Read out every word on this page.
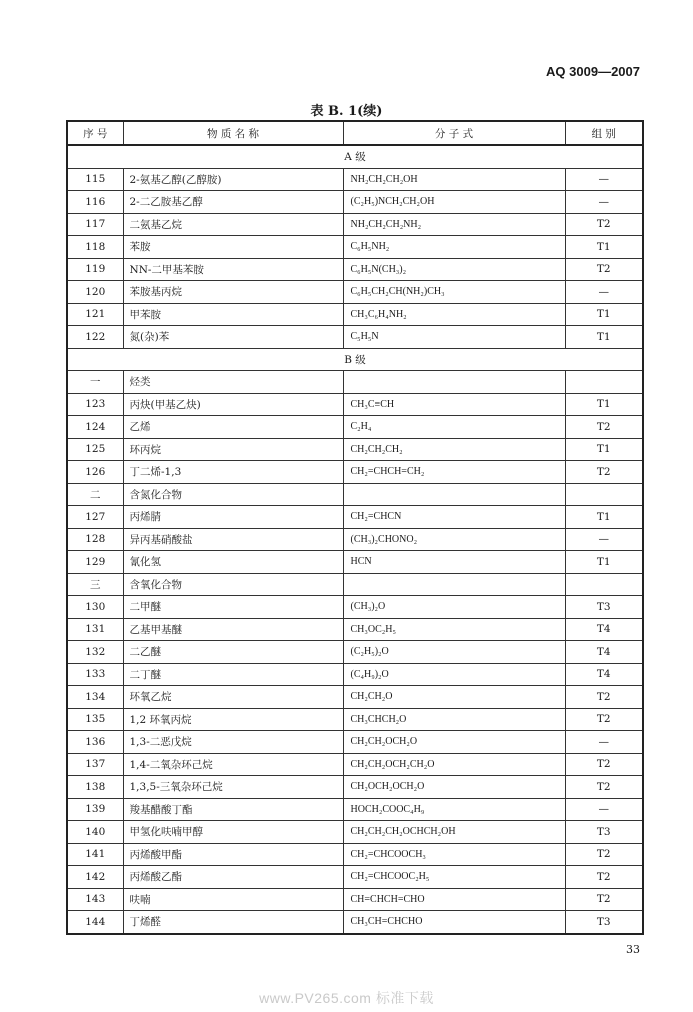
AQ 3009—2007
表 B. 1(续)
序 号	物 质 名 称	分 子 式	组 别
A 级			
115	2-氨基乙醇(乙醇胺)	NH₂CH₂CH₂OH	—
116	2-二乙胺基乙醇	(C₂H₅)NCH₂CH₂OH	—
117	二氨基乙烷	NH₂CH₂CH₂NH₂	T2
118	苯胺	C₆H₅NH₂	T1
119	NN-二甲基苯胺	C₆H₅N(CH₃)₂	T2
120	苯胺基丙烷	C₆H₅CH₂CH(NH₂)CH₃	—
121	甲苯胺	CH₃C₆H₄NH₂	T1
122	氮(杂)苯	C₅H₅N	T1
B 级			
一	烃类		
123	丙炔(甲基乙炔)	CH₃C≡CH	T1
124	乙烯	C₂H₄	T2
125	环丙烷	CH₂CH₂CH₂	T1
126	丁二烯-1,3	CH₂=CHCH=CH₂	T2
二	含氮化合物		
127	丙烯腈	CH₂=CHCN	T1
128	异丙基硝酸盐	(CH₃)₂CHONO₂	—
129	氰化氢	HCN	T1
三	含氧化合物		
130	二甲醚	(CH₃)₂O	T3
131	乙基甲基醚	CH₃OC₂H₅	T4
132	二乙醚	(C₂H₅)₂O	T4
133	二丁醚	(C₄H₉)₂O	T4
134	环氧乙烷	CH₂CH₂O	T2
135	1,2 环氧丙烷	CH₃CHCH₂O	T2
136	1,3-二恶戊烷	CH₂CH₂OCH₂O	—
137	1,4-二氧杂环己烷	CH₂CH₂OCH₂CH₂O	T2
138	1,3,5-三氧杂环己烷	CH₂OCH₂OCH₂O	T2
139	羧基醋酸丁酯	HOCH₂COOC₄H₉	—
140	甲氢化呋喃甲醇	CH₂CH₂CH₂OCHCH₂OH	T3
141	丙烯酸甲酯	CH₂=CHCOOCH₃	T2
142	丙烯酸乙酯	CH₂=CHCOOC₂H₅	T2
143	呋喃	CH=CHCH=CHO	T2
144	丁烯醛	CH₃CH=CHCHO	T3
33
www.PV265.com 标准下载
